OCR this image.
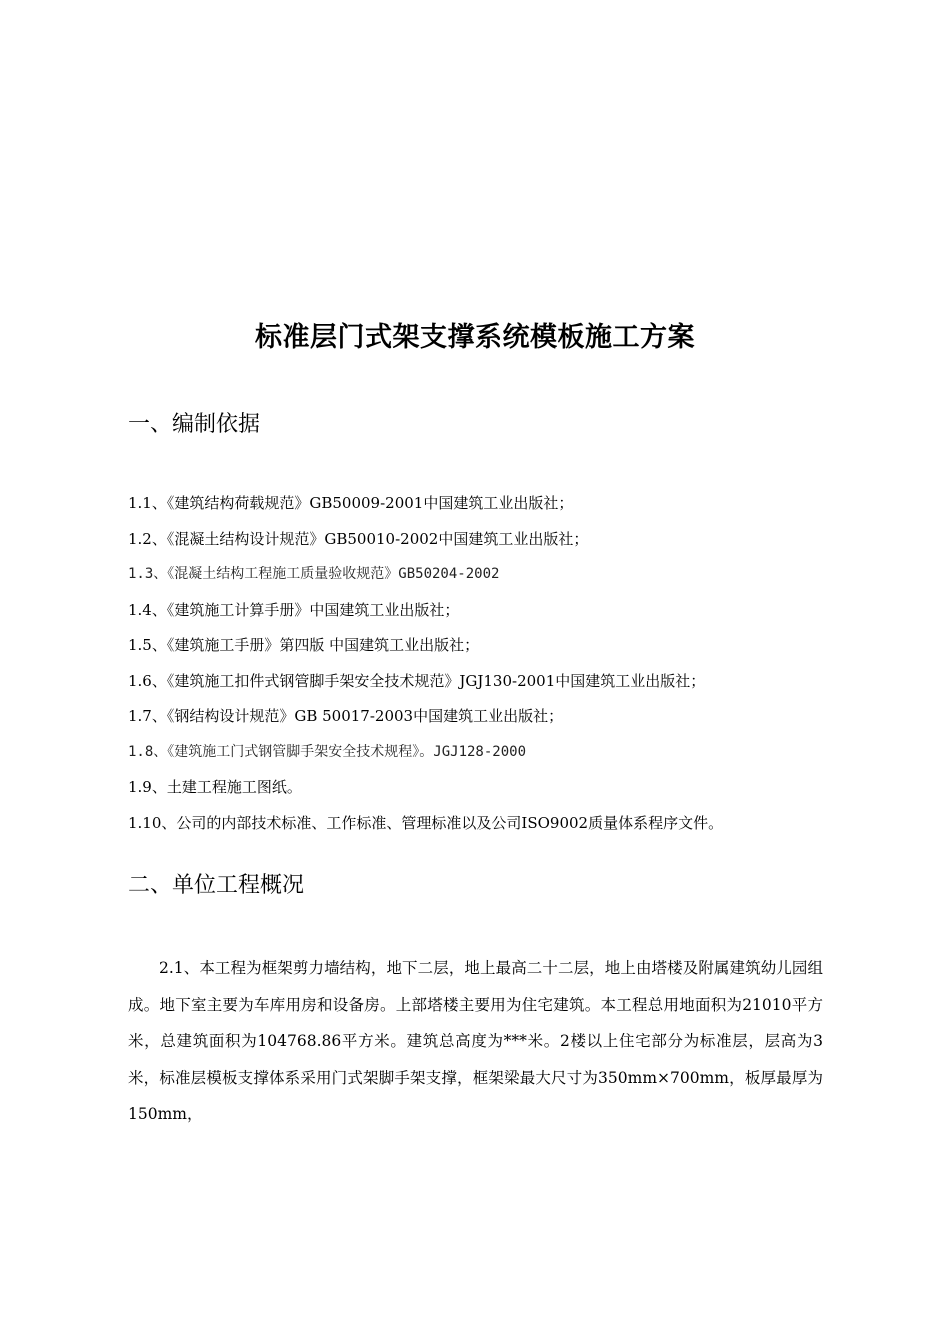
标准层门式架支撑系统模板施工方案
一、编制依据
1.1、《建筑结构荷载规范》GB50009-2001中国建筑工业出版社；
1.2、《混凝土结构设计规范》GB50010-2002中国建筑工业出版社；
1.3、《混凝土结构工程施工质量验收规范》GB50204-2002
1.4、《建筑施工计算手册》中国建筑工业出版社；
1.5、《建筑施工手册》第四版 中国建筑工业出版社；
1.6、《建筑施工扣件式钢管脚手架安全技术规范》JGJ130-2001中国建筑工业出版社；
1.7、《钢结构设计规范》GB 50017-2003中国建筑工业出版社；
1.8、《建筑施工门式钢管脚手架安全技术规程》。JGJ128-2000
1.9、土建工程施工图纸。
1.10、公司的内部技术标准、工作标准、管理标准以及公司ISO9002质量体系程序文件。
二、单位工程概况

2.1、本工程为框架剪力墙结构，地下二层，地上最高二十二层，地上由塔楼及附属建筑幼儿园组成。地下室主要为车库用房和设备房。上部塔楼主要用为住宅建筑。本工程总用地面积为21010平方米，总建筑面积为104768.86平方米。建筑总高度为***米。2楼以上住宅部分为标准层，层高为3米，标准层模板支撑体系采用门式架脚手架支撑，框架梁最大尺寸为350mm×700mm，板厚最厚为150mm，
